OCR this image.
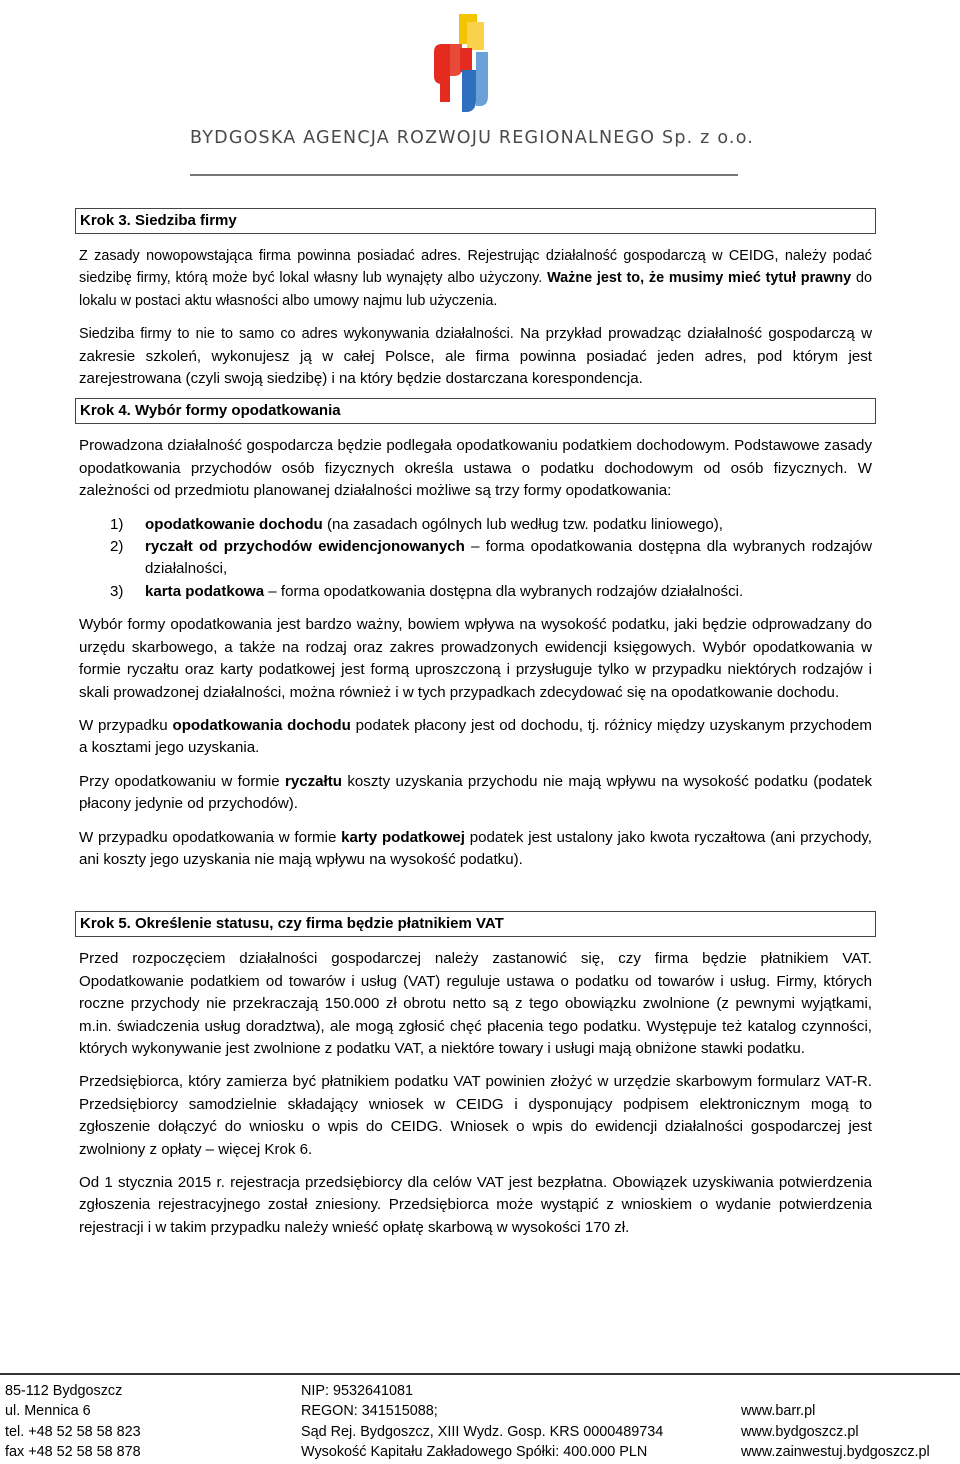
BYDGOSKA AGENCJA ROZWOJU REGIONALNEGO Sp. z o.o.
Krok 3. Siedziba firmy

Z zasady nowopowstająca firma powinna posiadać adres. Rejestrując działalność gospodarczą w CEIDG, należy podać siedzibę firmy, którą może być lokal własny lub wynajęty albo użyczony. Ważne jest to, że musimy mieć tytuł prawny do lokalu w postaci aktu własności albo umowy najmu lub użyczenia.

Siedziba firmy to nie to samo co adres wykonywania działalności. Na przykład prowadząc działalność gospodarczą w zakresie szkoleń, wykonujesz ją w całej Polsce, ale firma powinna posiadać jeden adres, pod którym jest zarejestrowana (czyli swoją siedzibę) i na który będzie dostarczana korespondencja.

Krok 4. Wybór formy opodatkowania

Prowadzona działalność gospodarcza będzie podlegała opodatkowaniu podatkiem dochodowym. Podstawowe zasady opodatkowania przychodów osób fizycznych określa ustawa o podatku dochodowym od osób fizycznych. W zależności od przedmiotu planowanej działalności możliwe są trzy formy opodatkowania:

1) opodatkowanie dochodu (na zasadach ogólnych lub według tzw. podatku liniowego),
2) ryczałt od przychodów ewidencjonowanych – forma opodatkowania dostępna dla wybranych rodzajów działalności,
3) karta podatkowa – forma opodatkowania dostępna dla wybranych rodzajów działalności.

Wybór formy opodatkowania jest bardzo ważny, bowiem wpływa na wysokość podatku, jaki będzie odprowadzany do urzędu skarbowego, a także na rodzaj oraz zakres prowadzonych ewidencji księgowych. Wybór opodatkowania w formie ryczałtu oraz karty podatkowej jest formą uproszczoną i przysługuje tylko w przypadku niektórych rodzajów i skali prowadzonej działalności, można również i w tych przypadkach zdecydować się na opodatkowanie dochodu.

W przypadku opodatkowania dochodu podatek płacony jest od dochodu, tj. różnicy między uzyskanym przychodem a kosztami jego uzyskania.

Przy opodatkowaniu w formie ryczałtu koszty uzyskania przychodu nie mają wpływu na wysokość podatku (podatek płacony jedynie od przychodów).

W przypadku opodatkowania w formie karty podatkowej podatek jest ustalony jako kwota ryczałtowa (ani przychody, ani koszty jego uzyskania nie mają wpływu na wysokość podatku).

Krok 5. Określenie statusu, czy firma będzie płatnikiem VAT

Przed rozpoczęciem działalności gospodarczej należy zastanowić się, czy firma będzie płatnikiem VAT. Opodatkowanie podatkiem od towarów i usług (VAT) reguluje ustawa o podatku od towarów i usług. Firmy, których roczne przychody nie przekraczają 150.000 zł obrotu netto są z tego obowiązku zwolnione (z pewnymi wyjątkami, m.in. świadczenia usług doradztwa), ale mogą zgłosić chęć płacenia tego podatku. Występuje też katalog czynności, których wykonywanie jest zwolnione z podatku VAT, a niektóre towary i usługi mają obniżone stawki podatku.

Przedsiębiorca, który zamierza być płatnikiem podatku VAT powinien złożyć w urzędzie skarbowym formularz VAT-R. Przedsiębiorcy samodzielnie składający wniosek w CEIDG i dysponujący podpisem elektronicznym mogą to zgłoszenie dołączyć do wniosku o wpis do CEIDG. Wniosek o wpis do ewidencji działalności gospodarczej jest zwolniony z opłaty – więcej Krok 6.

Od 1 stycznia 2015 r. rejestracja przedsiębiorcy dla celów VAT jest bezpłatna. Obowiązek uzyskiwania potwierdzenia zgłoszenia rejestracyjnego został zniesiony. Przedsiębiorca może wystąpić z wnioskiem o wydanie potwierdzenia rejestracji i w takim przypadku należy wnieść opłatę skarbową w wysokości 170 zł.

85-112 Bydgoszcz
ul. Mennica 6
tel. +48 52 58 58 823
fax +48 52 58 58 878
NIP: 9532641081
REGON: 341515088;
Sąd Rej. Bydgoszcz, XIII Wydz. Gosp. KRS 0000489734
Wysokość Kapitału Zakładowego Spółki: 400.000 PLN

www.barr.pl
www.bydgoszcz.pl
www.zainwestuj.bydgoszcz.pl
